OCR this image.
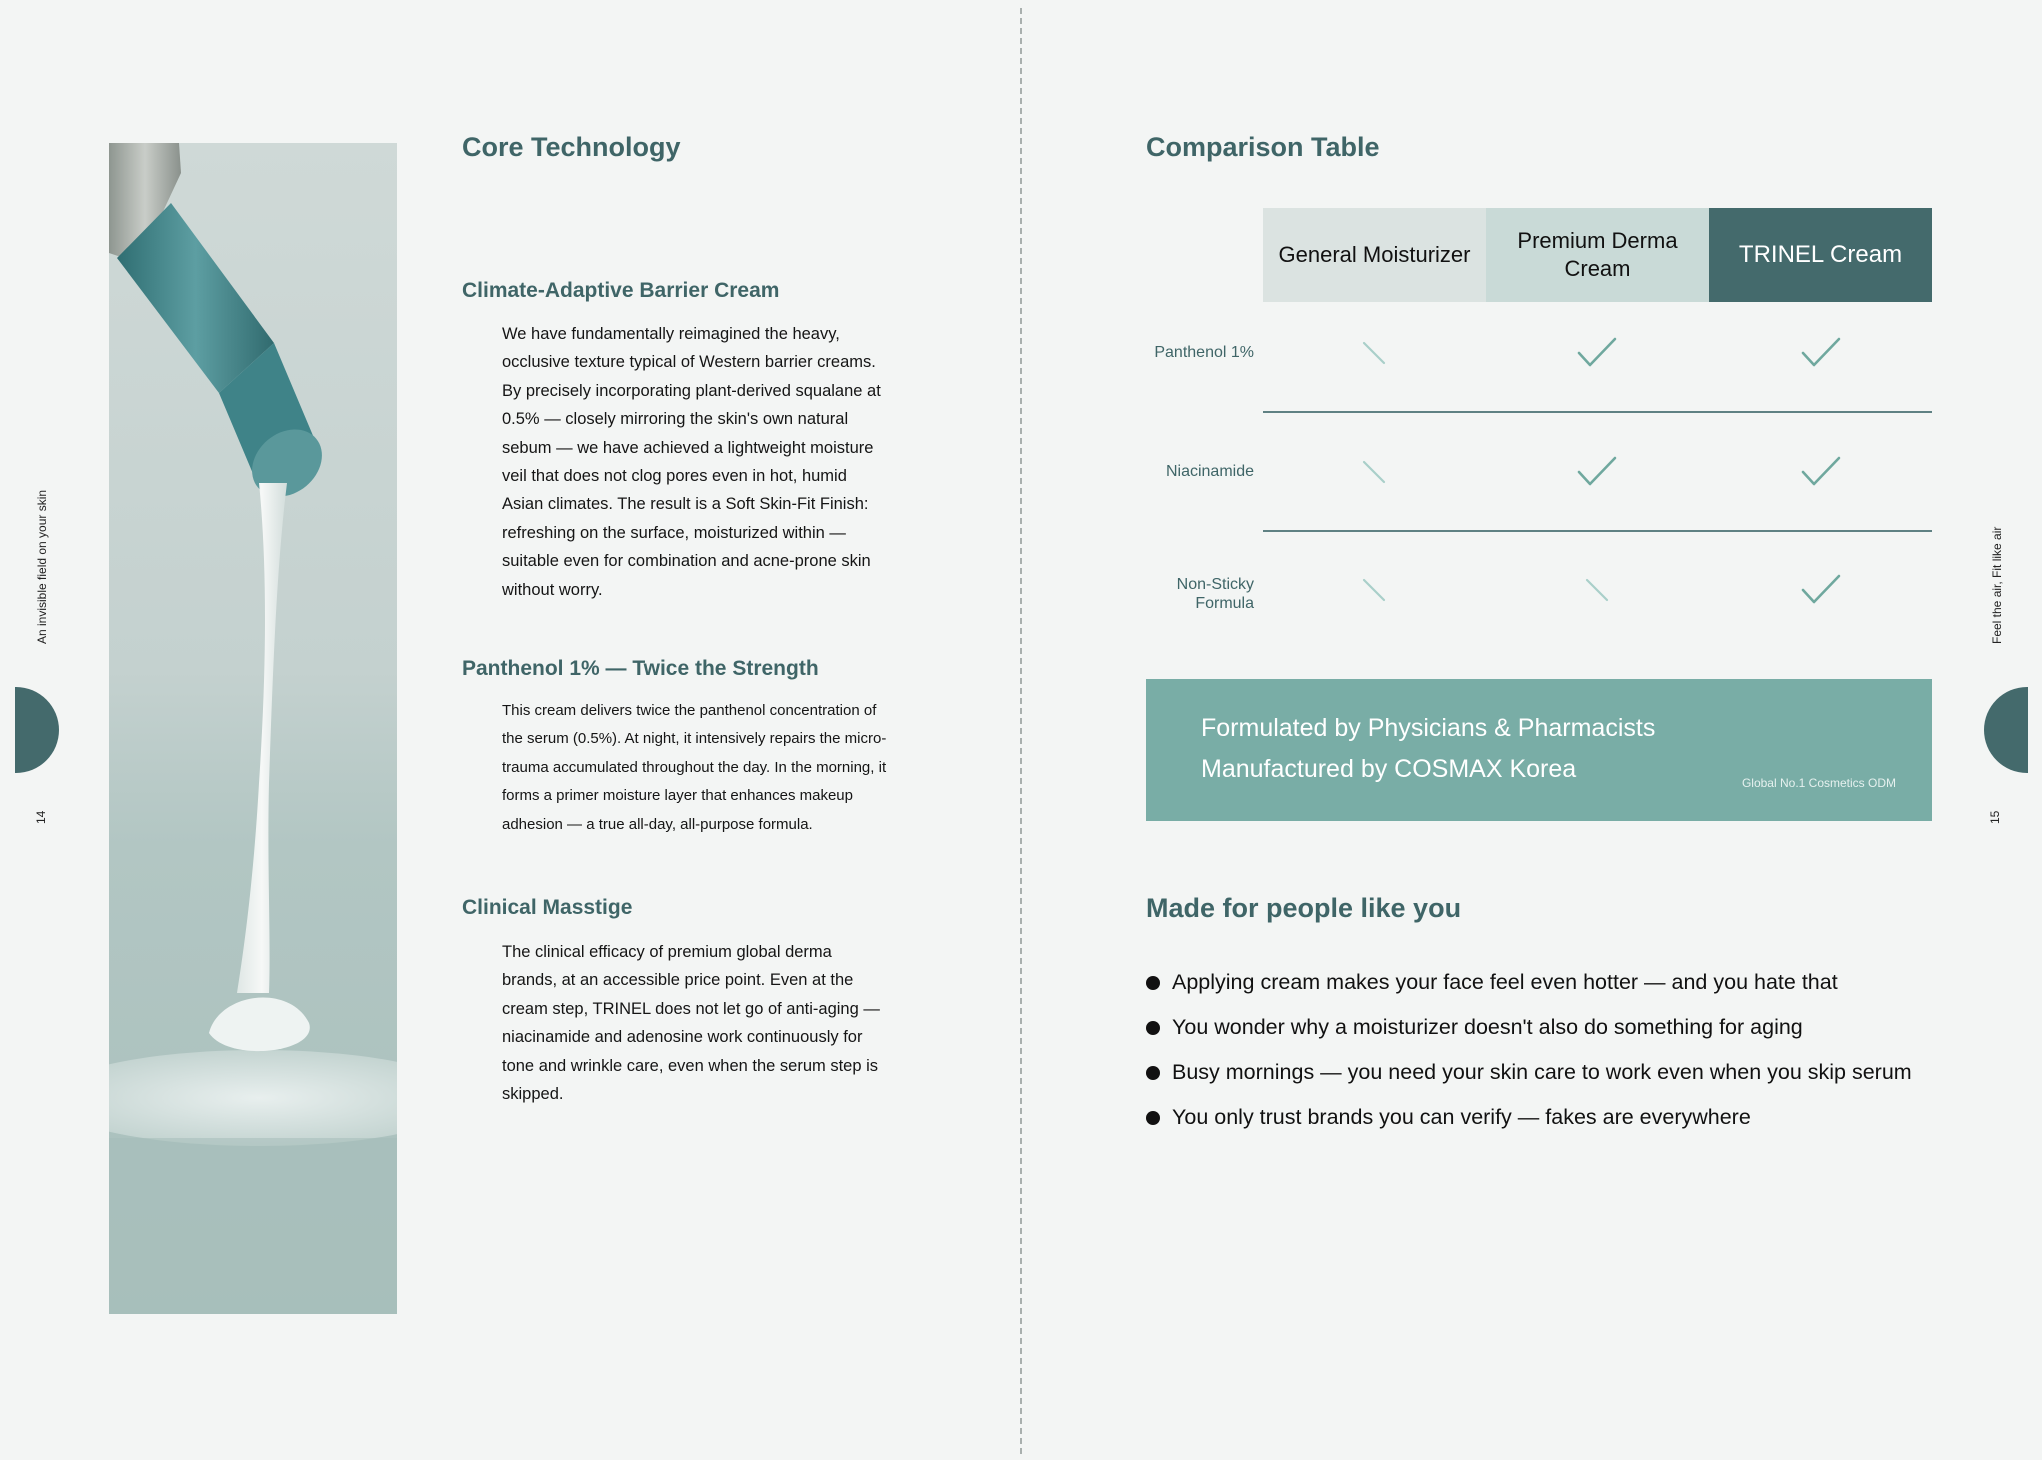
An invisible field on your skin
14
Core Technology
Climate-Adaptive Barrier Cream
We have fundamentally reimagined the heavy,
occlusive texture typical of Western barrier creams.
By precisely incorporating plant-derived squalane at
0.5% — closely mirroring the skin's own natural
sebum — we have achieved a lightweight moisture
veil that does not clog pores even in hot, humid
Asian climates. The result is a Soft Skin-Fit Finish:
refreshing on the surface, moisturized within —
suitable even for combination and acne-prone skin
without worry.
Panthenol 1% — Twice the Strength
This cream delivers twice the panthenol concentration of
the serum (0.5%). At night, it intensively repairs the micro-
trauma accumulated throughout the day. In the morning, it
forms a primer moisture layer that enhances makeup
adhesion — a true all-day, all-purpose formula.
Clinical Masstige
The clinical efficacy of premium global derma
brands, at an accessible price point. Even at the
cream step, TRINEL does not let go of anti-aging —
niacinamide and adenosine work continuously for
tone and wrinkle care, even when the serum step is
skipped.
Feel the air, Fit like air
15
Comparison Table
General Moisturizer
Premium Derma Cream
TRINEL Cream
Panthenol 1%
Niacinamide
Non-Sticky Formula
Formulated by Physicians & Pharmacists
Manufactured by COSMAX Korea	Global No.1 Cosmetics ODM
Made for people like you
Applying cream makes your face feel even hotter — and you hate that
You wonder why a moisturizer doesn't also do something for aging
Busy mornings — you need your skin care to work even when you skip serum
You only trust brands you can verify — fakes are everywhere
